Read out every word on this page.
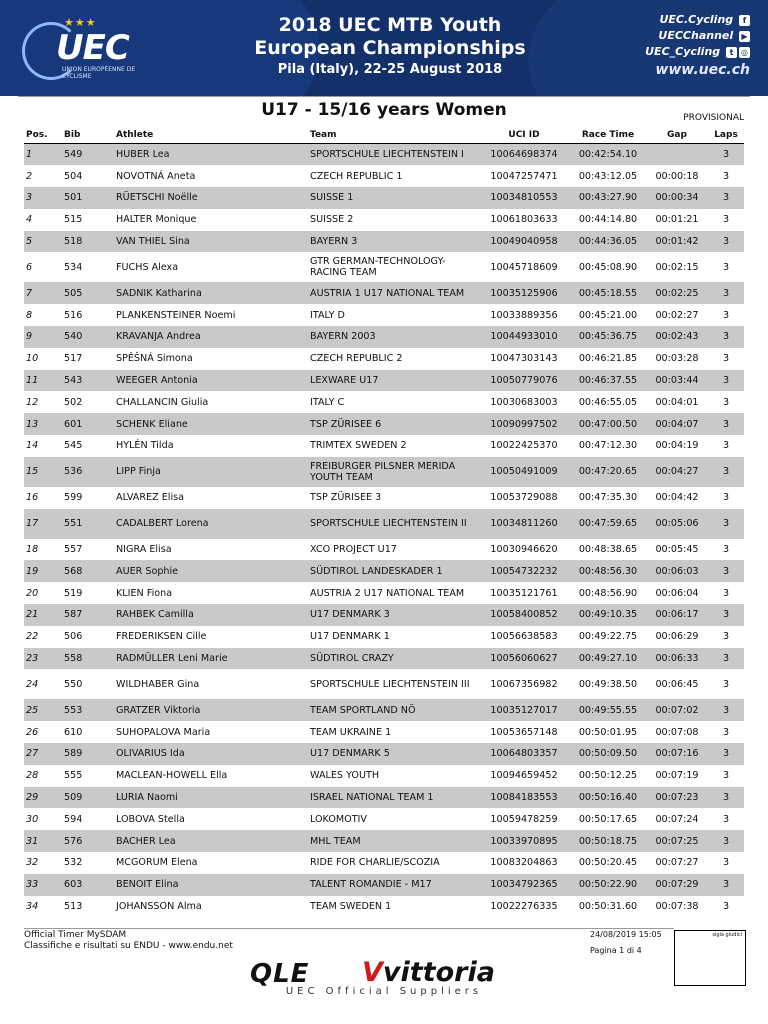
★★★
UEC
UNION EUROPÉENNE DE CYCLISME
2018 UEC MTB Youth
European Championships
Pila (Italy), 22-25 August 2018
UEC.Cycling f
UECChannel ▶
UEC_Cycling t ◎
www.uec.ch
U17 - 15/16 years Women	PROVISIONAL
Pos.	Bib	Athlete	Team	UCI ID	Race Time	Gap	Laps
1	549	HUBER Lea	SPORTSCHULE LIECHTENSTEIN I	10064698374	00:42:54.10		3
2	504	NOVOTNÁ Aneta	CZECH REPUBLIC 1	10047257471	00:43:12.05	00:00:18	3
3	501	RÜETSCHI Noëlle	SUISSE 1	10034810553	00:43:27.90	00:00:34	3
4	515	HALTER Monique	SUISSE 2	10061803633	00:44:14.80	00:01:21	3
5	518	VAN THIEL Sina	BAYERN 3	10049040958	00:44:36.05	00:01:42	3
6	534	FUCHS Alexa	GTR GERMAN-TECHNOLOGY-RACING TEAM	10045718609	00:45:08.90	00:02:15	3
7	505	SADNIK Katharina	AUSTRIA 1 U17 NATIONAL TEAM	10035125906	00:45:18.55	00:02:25	3
8	516	PLANKENSTEINER Noemi	ITALY D	10033889356	00:45:21.00	00:02:27	3
9	540	KRAVANJA Andrea	BAYERN 2003	10044933010	00:45:36.75	00:02:43	3
10	517	SPĚŠNÁ Simona	CZECH REPUBLIC 2	10047303143	00:46:21.85	00:03:28	3
11	543	WEEGER Antonia	LEXWARE U17	10050779076	00:46:37.55	00:03:44	3
12	502	CHALLANCIN Giulia	ITALY C	10030683003	00:46:55.05	00:04:01	3
13	601	SCHENK Eliane	TSP ZÜRISEE 6	10090997502	00:47:00.50	00:04:07	3
14	545	HYLÉN Tilda	TRIMTEX SWEDEN 2	10022425370	00:47:12.30	00:04:19	3
15	536	LIPP Finja	FREIBURGER PILSNER MERIDA YOUTH TEAM	10050491009	00:47:20.65	00:04:27	3
16	599	ALVAREZ Elisa	TSP ZÜRISEE 3	10053729088	00:47:35.30	00:04:42	3
17	551	CADALBERT Lorena	SPORTSCHULE LIECHTENSTEIN II	10034811260	00:47:59.65	00:05:06	3
18	557	NIGRA Elisa	XCO PROJECT U17	10030946620	00:48:38.65	00:05:45	3
19	568	AUER Sophie	SÜDTIROL LANDESKADER 1	10054732232	00:48:56.30	00:06:03	3
20	519	KLIEN Fiona	AUSTRIA 2 U17 NATIONAL TEAM	10035121761	00:48:56.90	00:06:04	3
21	587	RAHBEK Camilla	U17 DENMARK 3	10058400852	00:49:10.35	00:06:17	3
22	506	FREDERIKSEN Cille	U17 DENMARK 1	10056638583	00:49:22.75	00:06:29	3
23	558	RADMÜLLER Leni Marie	SÜDTIROL CRAZY	10056060627	00:49:27.10	00:06:33	3
24	550	WILDHABER Gina	SPORTSCHULE LIECHTENSTEIN III	10067356982	00:49:38.50	00:06:45	3
25	553	GRATZER Viktoria	TEAM SPORTLAND NÖ	10035127017	00:49:55.55	00:07:02	3
26	610	SUHOPALOVA Maria	TEAM UKRAINE 1	10053657148	00:50:01.95	00:07:08	3
27	589	OLIVARIUS Ida	U17 DENMARK 5	10064803357	00:50:09.50	00:07:16	3
28	555	MACLEAN-HOWELL Ella	WALES YOUTH	10094659452	00:50:12.25	00:07:19	3
29	509	LURIA Naomi	ISRAEL NATIONAL TEAM 1	10084183553	00:50:16.40	00:07:23	3
30	594	LOBOVA Stella	LOKOMOTIV	10059478259	00:50:17.65	00:07:24	3
31	576	BACHER Lea	MHL TEAM	10033970895	00:50:18.75	00:07:25	3
32	532	MCGORUM Elena	RIDE FOR CHARLIE/SCOZIA	10083204863	00:50:20.45	00:07:27	3
33	603	BENOIT Elina	TALENT ROMANDIE - M17	10034792365	00:50:22.90	00:07:29	3
34	513	JOHANSSON Alma	TEAM SWEDEN 1	10022276335	00:50:31.60	00:07:38	3
Official Timer MySDAM
Classifiche e risultati su ENDU - www.endu.net
24/08/2019 15:05
Pagina 1 di 4
sigla giudici
QLE Vvittoria
UEC Official Suppliers
